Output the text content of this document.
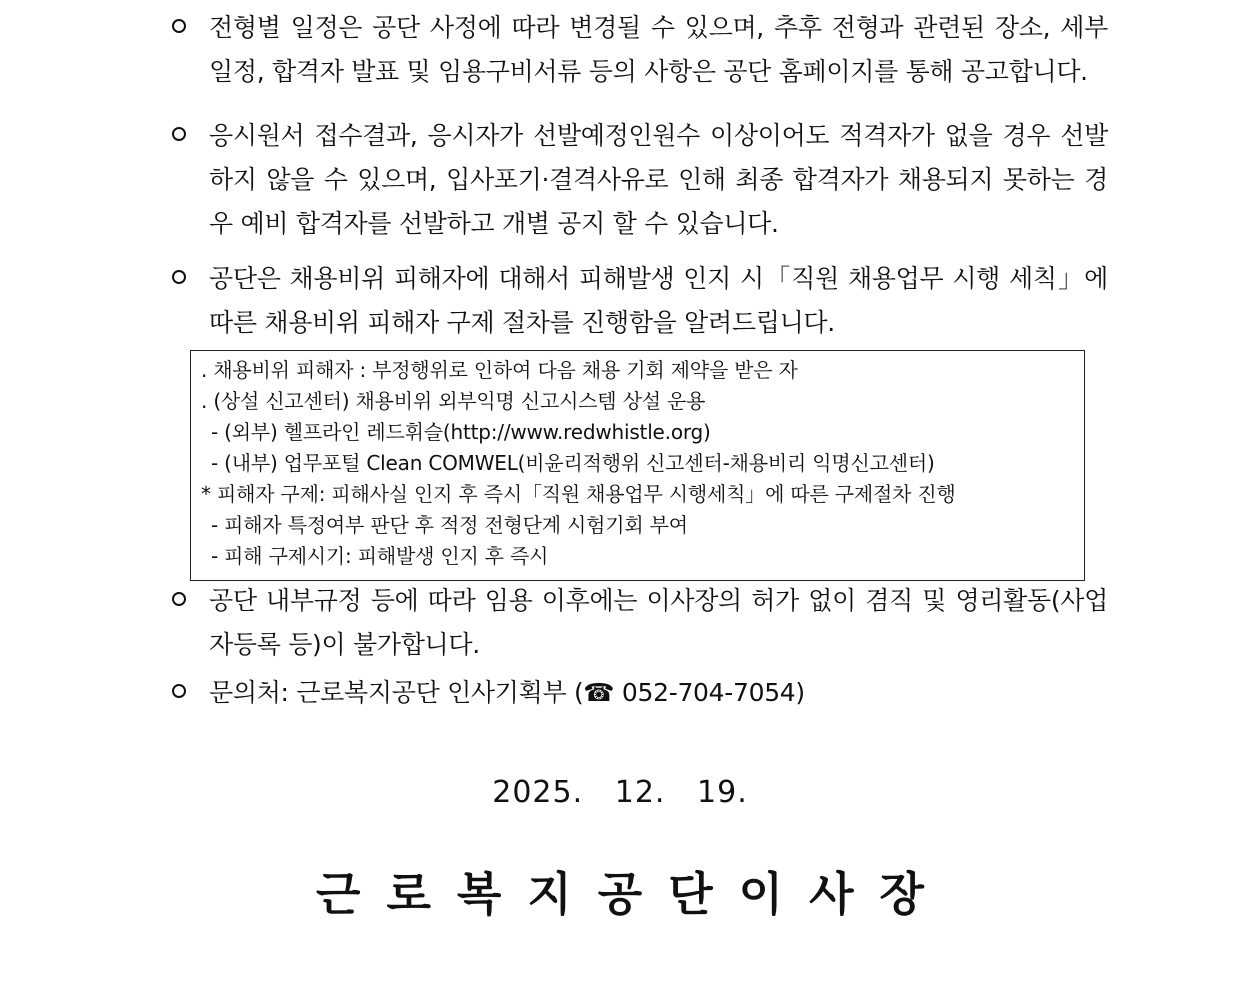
전형별 일정은 공단 사정에 따라 변경될 수 있으며, 추후 전형과 관련된 장소, 세부 일정, 합격자 발표 및 임용구비서류 등의 사항은 공단 홈페이지를 통해 공고합니다.
응시원서 접수결과, 응시자가 선발예정인원수 이상이어도 적격자가 없을 경우 선발하지 않을 수 있으며, 입사포기·결격사유로 인해 최종 합격자가 채용되지 못하는 경우 예비 합격자를 선발하고 개별 공지 할 수 있습니다.
공단은 채용비위 피해자에 대해서 피해발생 인지 시「직원 채용업무 시행 세칙」에 따른 채용비위 피해자 구제 절차를 진행함을 알려드립니다.
. 채용비위 피해자 : 부정행위로 인하여 다음 채용 기회 제약을 받은 자
. (상설 신고센터) 채용비위 외부익명 신고시스템 상설 운용
- (외부) 헬프라인 레드휘슬(http://www.redwhistle.org)
- (내부) 업무포털 Clean COMWEL(비윤리적행위 신고센터-채용비리 익명신고센터)
* 피해자 구제: 피해사실 인지 후 즉시「직원 채용업무 시행세칙」에 따른 구제절차 진행
- 피해자 특정여부 판단 후 적정 전형단계 시험기회 부여
- 피해 구제시기: 피해발생 인지 후 즉시
공단 내부규정 등에 따라 임용 이후에는 이사장의 허가 없이 겸직 및 영리활동(사업자등록 등)이 불가합니다.
문의처: 근로복지공단 인사기획부 (☎ 052-704-7054)
2025.   12.   19.
근로복지공단이사장
